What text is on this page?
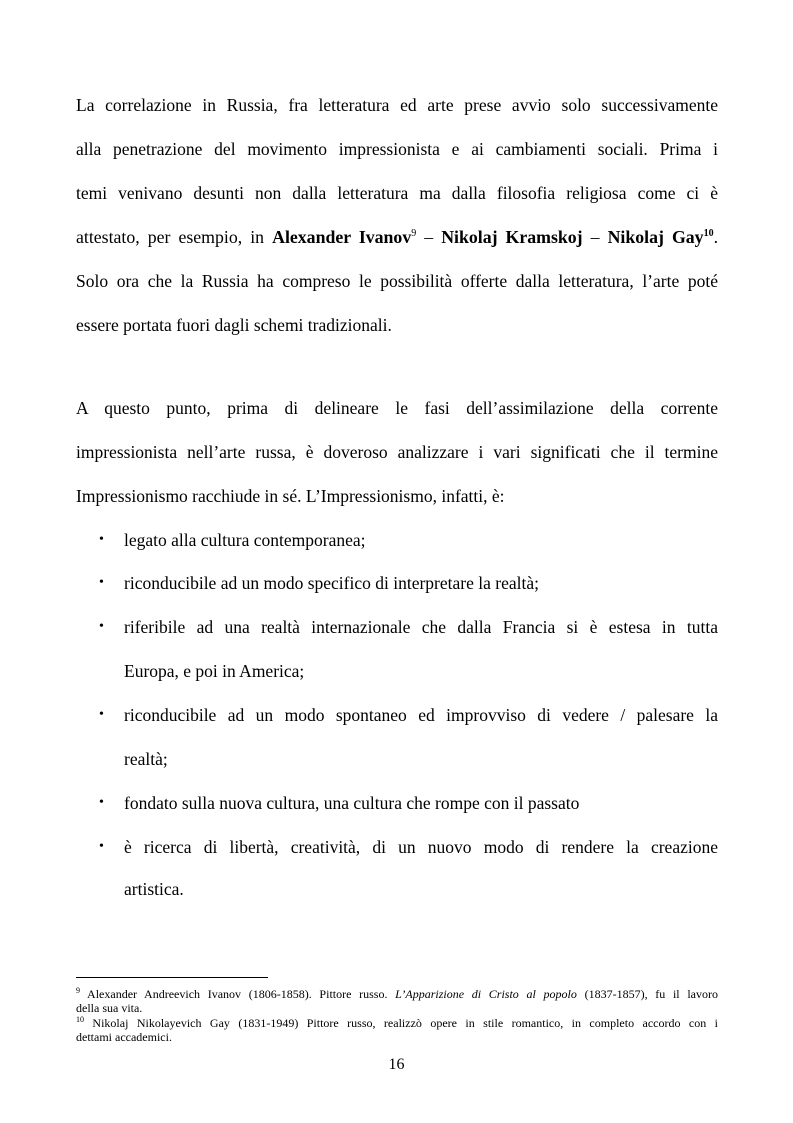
La correlazione in Russia, fra letteratura ed arte prese avvio solo successivamente
alla penetrazione del movimento impressionista e ai cambiamenti sociali. Prima i
temi venivano desunti non dalla letteratura ma dalla filosofia religiosa come ci è
attestato, per esempio, in Alexander Ivanov$^9$ – Nikolaj Kramskoj – Nikolaj Gay$^{10}$.
Solo ora che la Russia ha compreso le possibilità offerte dalla letteratura, l’arte poté
essere portata fuori dagli schemi tradizionali.
A questo punto, prima di delineare le fasi dell’assimilazione della corrente
impressionista nell’arte russa, è doveroso analizzare i vari significati che il termine
Impressionismo racchiude in sé. L’Impressionismo, infatti, è:
• legato alla cultura contemporanea;
• riconducibile ad un modo specifico di interpretare la realtà;
• riferibile ad una realtà internazionale che dalla Francia si è estesa in tutta
Europa, e poi in America;
• riconducibile ad un modo spontaneo ed improvviso di vedere / palesare la
realtà;
• fondato sulla nuova cultura, una cultura che rompe con il passato
• è ricerca di libertà, creatività, di un nuovo modo di rendere la creazione
artistica.
$^9$ Alexander Andreevich Ivanov (1806-1858). Pittore russo. L’Apparizione di Cristo al popolo (1837-1857), fu il lavoro
della sua vita.
$^{10}$ Nikolaj Nikolayevich Gay (1831-1949) Pittore russo, realizzò opere in stile romantico, in completo accordo con i
dettami accademici.
16
